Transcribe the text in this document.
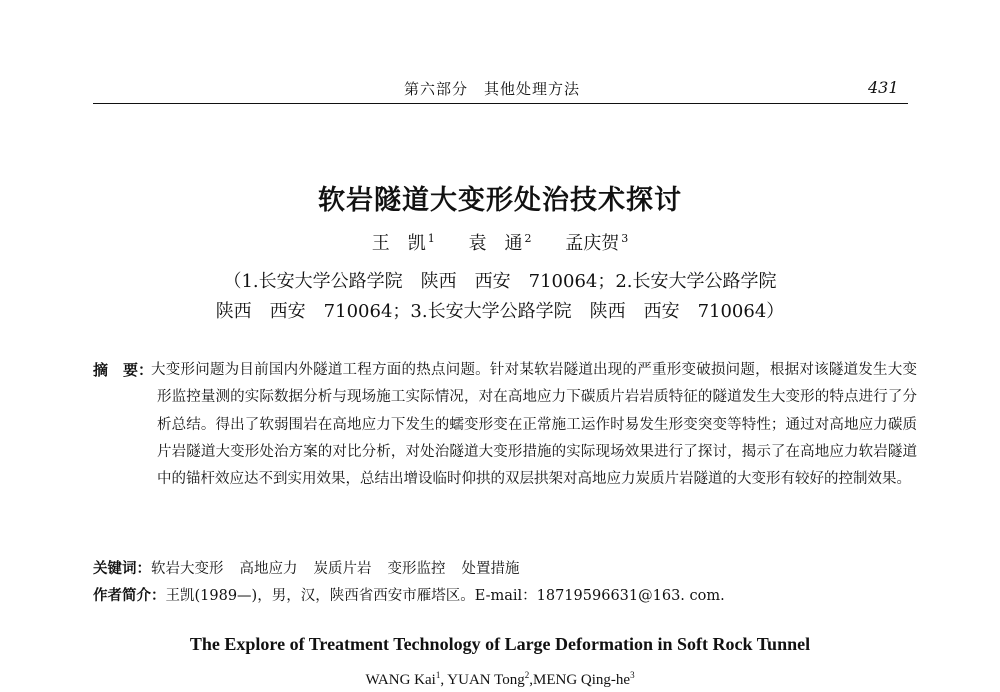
第六部分　其他处理方法	431
软岩隧道大变形处治技术探讨
王　凯 $^1$ 袁　通 $^2$ 孟庆贺 $^3$
（1.长安大学公路学院　陕西　西安　710064；2.长安大学公路学院
陕西　西安　710064；3.长安大学公路学院　陕西　西安　710064）
摘　要：
大变形问题为目前国内外隧道工程方面的热点问题。针对某软岩隧道出现的严重形变破损问题，根据对该隧道发生大变形监控量测的实际数据分析与现场施工实际情况，对在高地应力下碳质片岩岩质特征的隧道发生大变形的特点进行了分析总结。得出了软弱围岩在高地应力下发生的蠕变形变在正常施工运作时易发生形变突变等特性；通过对高地应力碳质片岩隧道大变形处治方案的对比分析，对处治隧道大变形措施的实际现场效果进行了探讨，揭示了在高地应力软岩隧道中的锚杆效应达不到实用效果，总结出增设临时仰拱的双层拱架对高地应力炭质片岩隧道的大变形有较好的控制效果。
关键词：软岩大变形 高地应力 炭质片岩 变形监控 处置措施
作者简介：王凯(1989—)，男，汉，陕西省西安市雁塔区。E-mail：18719596631@163. com.
The Explore of Treatment Technology of Large Deformation in Soft Rock Tunnel
WANG Kai$^1$, YUAN Tong$^2$,MENG Qing-$he^3$
